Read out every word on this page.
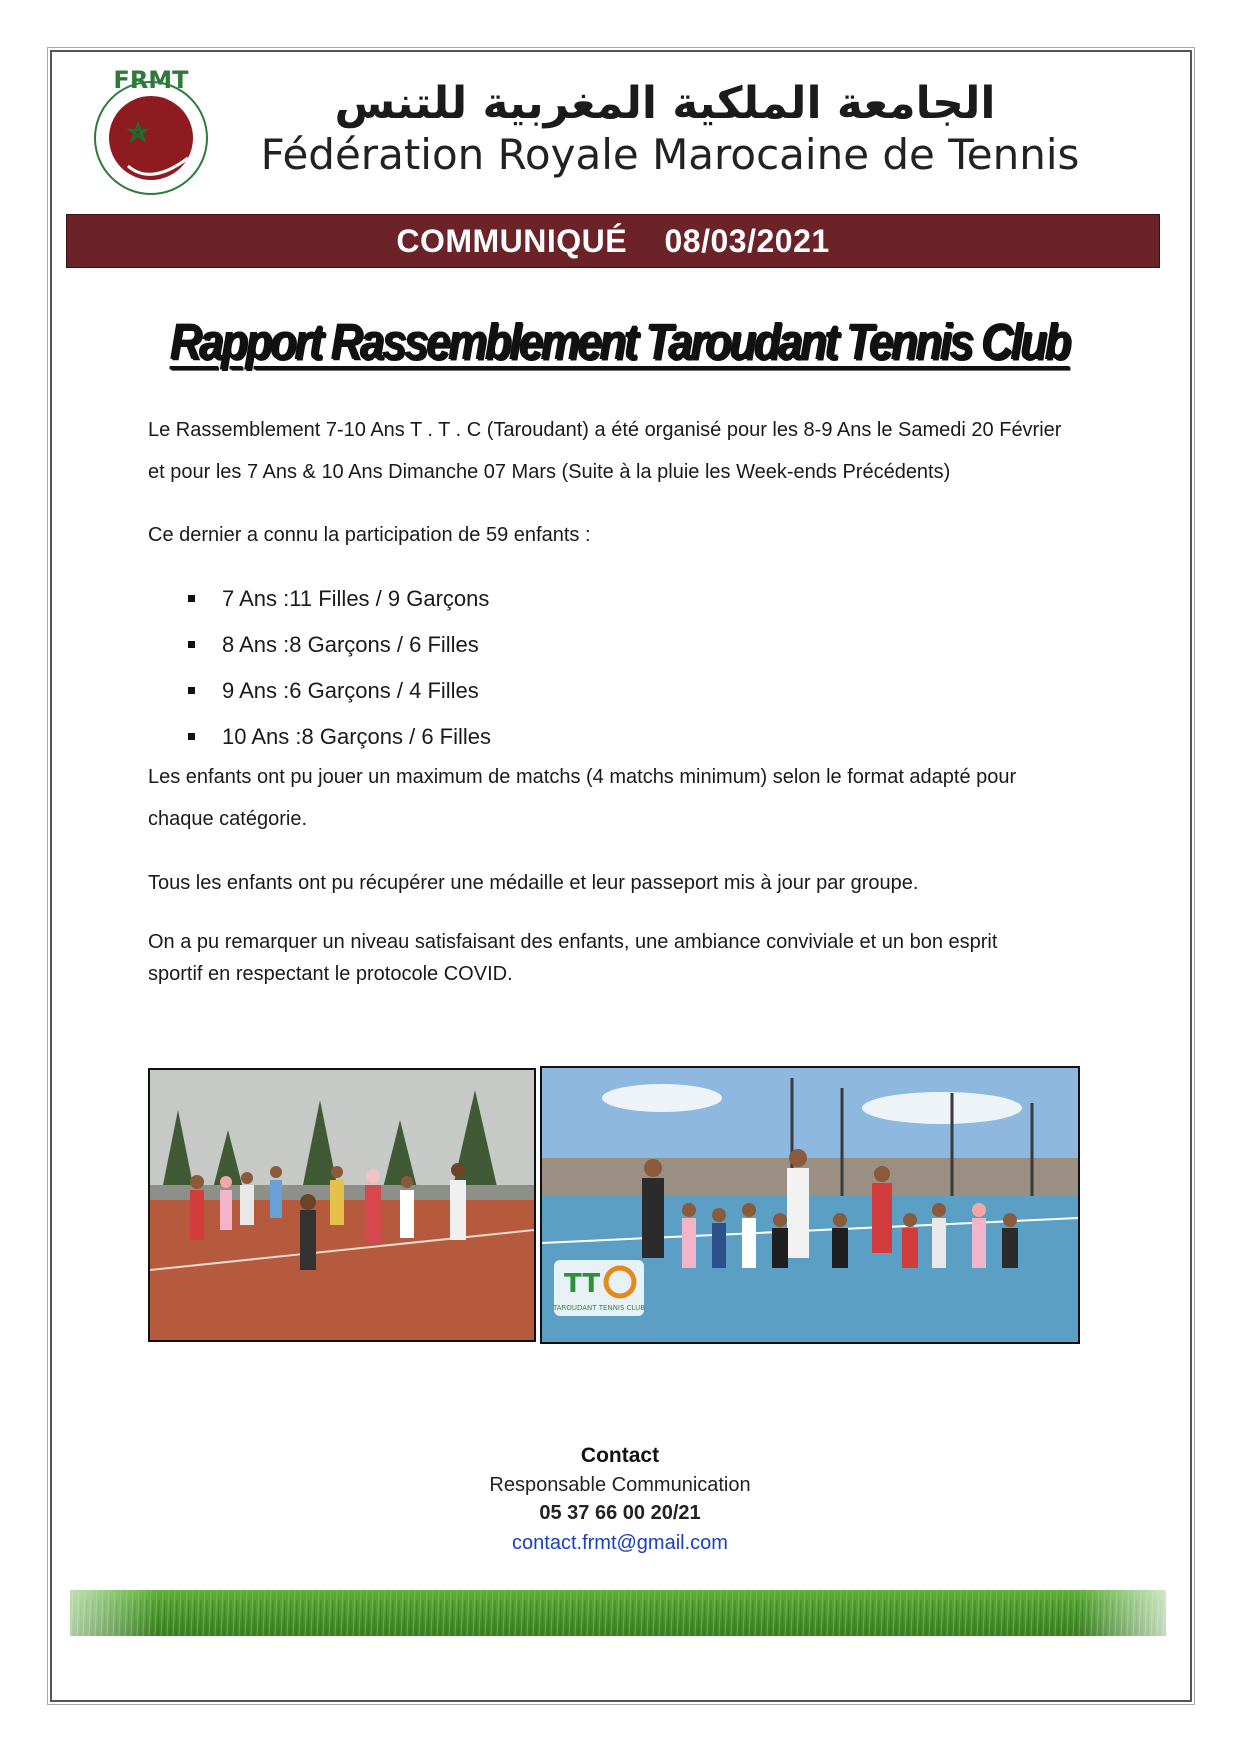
FRMT	الجامعة الملكية المغربية للتنس
Fédération Royale Marocaine de Tennis
COMMUNIQUÉ 08/03/2021
Rapport Rassemblement Taroudant Tennis Club
Le Rassemblement 7-10 Ans T . T . C (Taroudant) a été organisé pour les 8-9 Ans le Samedi 20 Février
et pour les 7 Ans & 10 Ans Dimanche 07 Mars (Suite à la pluie les Week-ends Précédents)
Ce dernier a connu la participation de 59 enfants :
7 Ans :11 Filles / 9 Garçons
8 Ans :8 Garçons / 6 Filles
9 Ans :6 Garçons / 4 Filles
10 Ans :8 Garçons / 6 Filles
Les enfants ont pu jouer un maximum de matchs (4 matchs minimum) selon le format adapté pour
chaque catégorie.
Tous les enfants ont pu récupérer une médaille et leur passeport mis à jour par groupe.
On a pu remarquer un niveau satisfaisant des enfants, une ambiance conviviale et un bon esprit
sportif en respectant le protocole COVID.
TT
TAROUDANT TENNIS CLUB
Contact
Responsable Communication
05 37 66 00 20/21
contact.frmt@gmail.com
